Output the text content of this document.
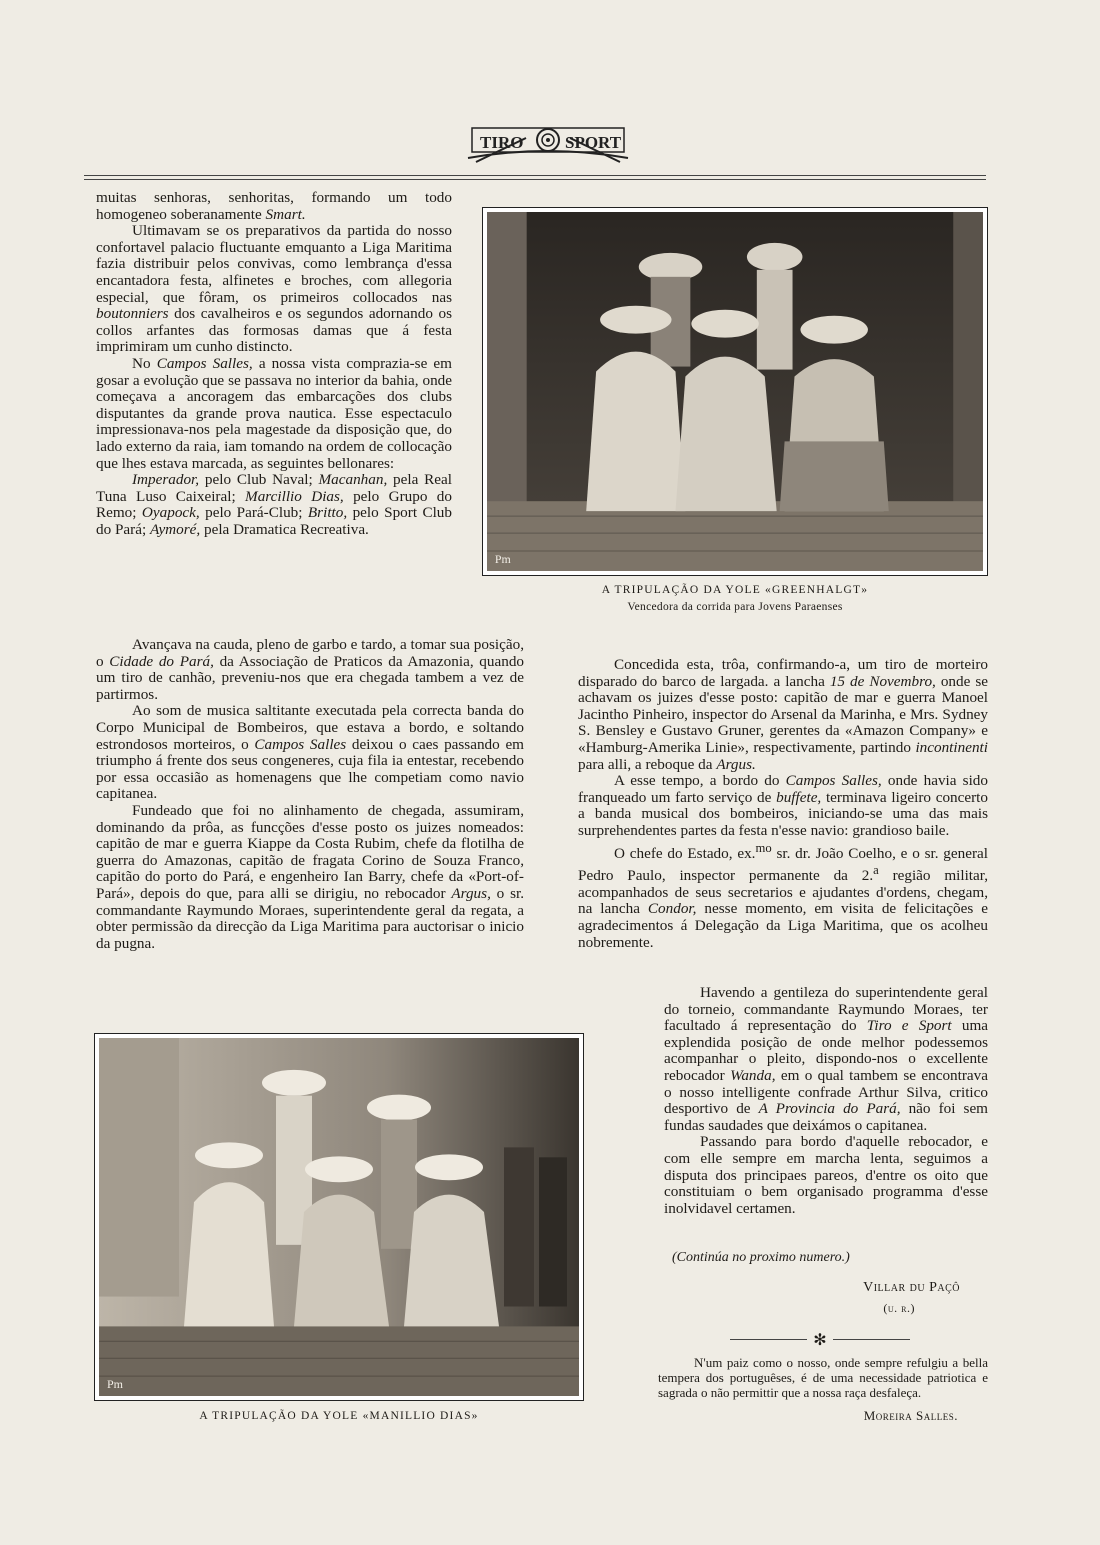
TIRO SPORT

muitas senhoras, senhoritas, formando um todo homogeneo soberanamente Smart.

Ultimavam se os preparativos da partida do nosso confortavel palacio fluctuante emquanto a Liga Maritima fazia distribuir pelos convivas, como lembrança d'essa encantadora festa, alfinetes e broches, com allegoria especial, que fôram, os primeiros collocados nas boutonniers dos cavalheiros e os segundos adornando os collos arfantes das formosas damas que á festa imprimiram um cunho distincto.

No Campos Salles, a nossa vista comprazia-se em gosar a evolução que se passava no interior da bahia, onde começava a ancoragem das embarcações dos clubs disputantes da grande prova nautica. Esse espectaculo impressionava-nos pela magestade da disposição que, do lado externo da raia, iam tomando na ordem de collocação que lhes estava marcada, as seguintes bellonares:

Imperador, pelo Club Naval; Macanhan, pela Real Tuna Luso Caixeiral; Marcillio Dias, pelo Grupo do Remo; Oyapock, pelo Pará-Club; Britto, pelo Sport Club do Pará; Aymoré, pela Dramatica Recreativa.

Pm
A TRIPULAÇÃO DA YOLE «GREENHALGT»
Vencedora da corrida para Jovens Paraenses

Avançava na cauda, pleno de garbo e tardo, a tomar sua posição, o Cidade do Pará, da Associação de Praticos da Amazonia, quando um tiro de canhão, preveniu-nos que era chegada tambem a vez de partirmos.

Ao som de musica saltitante executada pela correcta banda do Corpo Municipal de Bombeiros, que estava a bordo, e soltando estrondosos morteiros, o Campos Salles deixou o caes passando em triumpho á frente dos seus congeneres, cuja fila ia entestar, recebendo por essa occasião as homenagens que lhe competiam como navio capitanea.

Fundeado que foi no alinhamento de chegada, assumiram, dominando da prôa, as funcções d'esse posto os juizes nomeados: capitão de mar e guerra Kiappe da Costa Rubim, chefe da flotilha de guerra do Amazonas, capitão de fragata Corino de Souza Franco, capitão do porto do Pará, e engenheiro Ian Barry, chefe da «Port-of-Pará», depois do que, para alli se dirigiu, no rebocador Argus, o sr. commandante Raymundo Moraes, superintendente geral da regata, a obter permissão da direcção da Liga Maritima para auctorisar o inicio da pugna.

Concedida esta, trôa, confirmando-a, um tiro de morteiro disparado do barco de largada. a lancha 15 de Novembro, onde se achavam os juizes d'esse posto: capitão de mar e guerra Manoel Jacintho Pinheiro, inspector do Arsenal da Marinha, e Mrs. Sydney S. Bensley e Gustavo Gruner, gerentes da «Amazon Company» e «Hamburg-Amerika Linie», respectivamente, partindo incontinenti para alli, a reboque da Argus.

A esse tempo, a bordo do Campos Salles, onde havia sido franqueado um farto serviço de buffete, terminava ligeiro concerto a banda musical dos bombeiros, iniciando-se uma das mais surprehendentes partes da festa n'esse navio: grandioso baile.

O chefe do Estado, ex.$^{mo}$ sr. dr. João Coelho, e o sr. general Pedro Paulo, inspector permanente da 2.$^a$ região militar, acompanhados de seus secretarios e ajudantes d'ordens, chegam, na lancha Condor, nesse momento, em visita de felicitações e agradecimentos á Delegação da Liga Maritima, que os acolheu nobremente.

Havendo a gentileza do superintendente geral do torneio, commandante Raymundo Moraes, ter facultado á representação do Tiro e Sport uma explendida posição de onde melhor podessemos acompanhar o pleito, dispondo-nos o excellente rebocador Wanda, em o qual tambem se encontrava o nosso intelligente confrade Arthur Silva, critico desportivo de A Provincia do Pará, não foi sem fundas saudades que deixámos o capitanea.

Passando para bordo d'aquelle rebocador, e com elle sempre em marcha lenta, seguimos a disputa dos principaes pareos, d'entre os oito que constituiam o bem organisado programma d'esse inolvidavel certamen.

(Continúa no proximo numero.)
Villar du Paçô
(u. r.)
✻

N'um paiz como o nosso, onde sempre refulgiu a bella tempera dos portuguêses, é de uma necessidade patriotica e sagrada o não permittir que a nossa raça desfaleça.

Moreira Salles.
Pm
A TRIPULAÇÃO DA YOLE «MANILLIO DIAS»
